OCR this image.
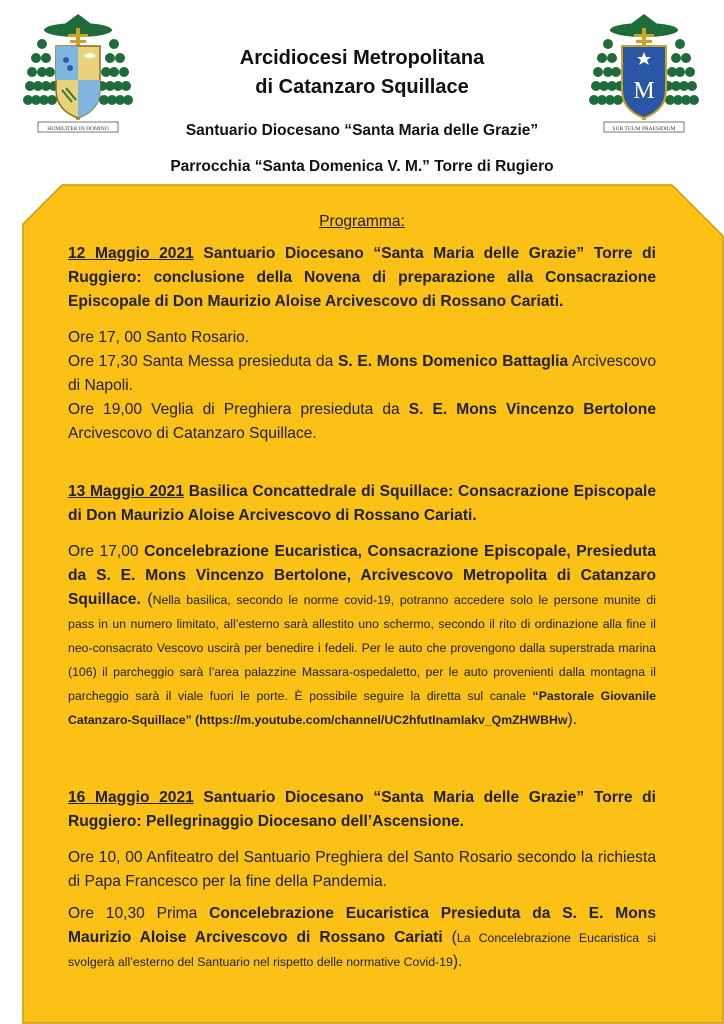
HUMILITER IN DOMINO
Arcidiocesi Metropolitana
di Catanzaro Squillace
Santuario Diocesano “Santa Maria delle Grazie”
Parrocchia “Santa Domenica V. M.” Torre di Rugiero
M
SUB TUUM PRAESIDIUM
Programma:
12 Maggio 2021 Santuario Diocesano “Santa Maria delle Grazie” Torre di Ruggiero: conclusione della Novena di preparazione alla Consacrazione Episcopale di Don Maurizio Aloise Arcivescovo di Rossano Cariati.

Ore 17, 00 Santo Rosario.
Ore 17,30 Santa Messa presieduta da S. E. Mons Domenico Battaglia Arcivescovo di Napoli.
Ore 19,00 Veglia di Preghiera presieduta da S. E. Mons Vincenzo Bertolone Arcivescovo di Catanzaro Squillace.

13 Maggio 2021 Basilica Concattedrale di Squillace: Consacrazione Episcopale di Don Maurizio Aloise Arcivescovo di Rossano Cariati.

Ore 17,00 Concelebrazione Eucaristica, Consacrazione Episcopale, Presieduta da S. E. Mons Vincenzo Bertolone, Arcivescovo Metropolita di Catanzaro Squillace. (Nella basilica, secondo le norme covid-19, potranno accedere solo le persone munite di pass in un numero limitato, all’esterno sarà allestito uno schermo, secondo il rito di ordinazione alla fine il neo-consacrato Vescovo uscirà per benedire i fedeli. Per le auto che provengono dalla superstrada marina (106) il parcheggio sarà l’area palazzine Massara-ospedaletto, per le auto provenienti dalla montagna il parcheggio sarà il viale fuori le porte. È possibile seguire la diretta sul canale “Pastorale Giovanile Catanzaro-Squillace” (https://m.youtube.com/channel/UC2hfutInamIakv_QmZHWBHw).

16 Maggio 2021 Santuario Diocesano “Santa Maria delle Grazie” Torre di Ruggiero: Pellegrinaggio Diocesano dell’Ascensione.

Ore 10, 00 Anfiteatro del Santuario Preghiera del Santo Rosario secondo la richiesta di Papa Francesco per la fine della Pandemia.

Ore 10,30 Prima Concelebrazione Eucaristica Presieduta da S. E. Mons Maurizio Aloise Arcivescovo di Rossano Cariati (La Concelebrazione Eucaristica si svolgerà all’esterno del Santuario nel rispetto delle normative Covid-19).
